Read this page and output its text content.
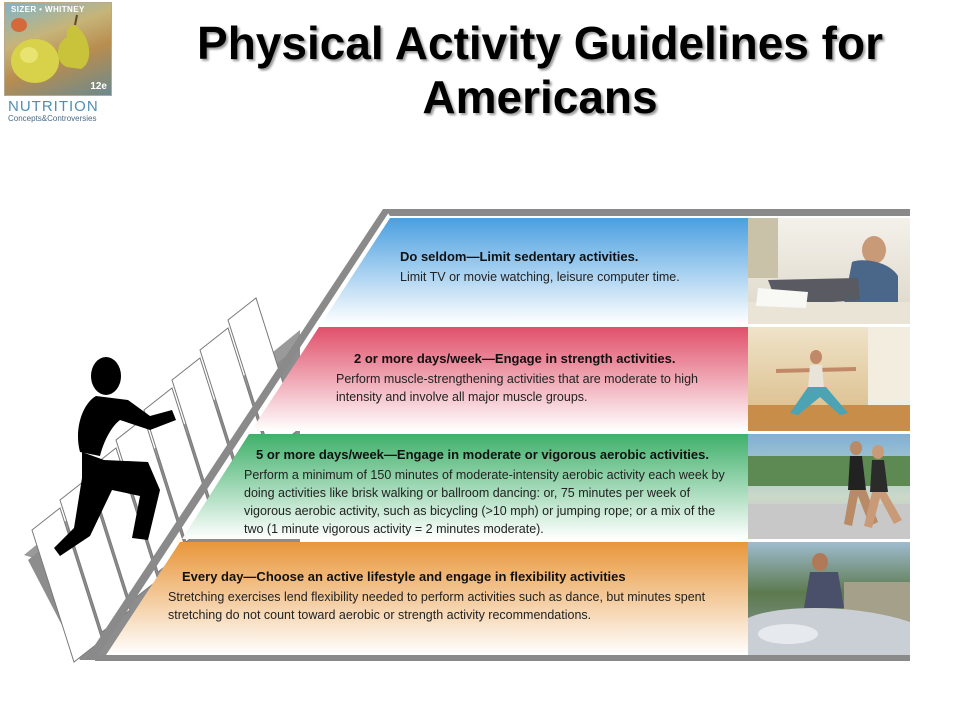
SIZER • WHITNEY
12e
NUTRITION
Concepts&Controversies
Physical Activity Guidelines for Americans
Do seldom—Limit sedentary activities.
Limit TV or movie watching, leisure computer time.
2 or more days/week—Engage in strength activities.
Perform muscle-strengthening activities that are moderate to high intensity and involve all major muscle groups.
5 or more days/week—Engage in moderate or vigorous aerobic activities.
Perform a minimum of 150 minutes of moderate-intensity aerobic activity each week by doing activities like brisk walking or ballroom dancing: or, 75 minutes per week of vigorous aerobic activity, such as bicycling (>10 mph) or jumping rope; or a mix of the two (1 minute vigorous activity = 2 minutes moderate).
Every day—Choose an active lifestyle and engage in flexibility activities
Stretching exercises lend flexibility needed to perform activities such as dance, but minutes spent stretching do not count toward aerobic or strength activity recommendations.
